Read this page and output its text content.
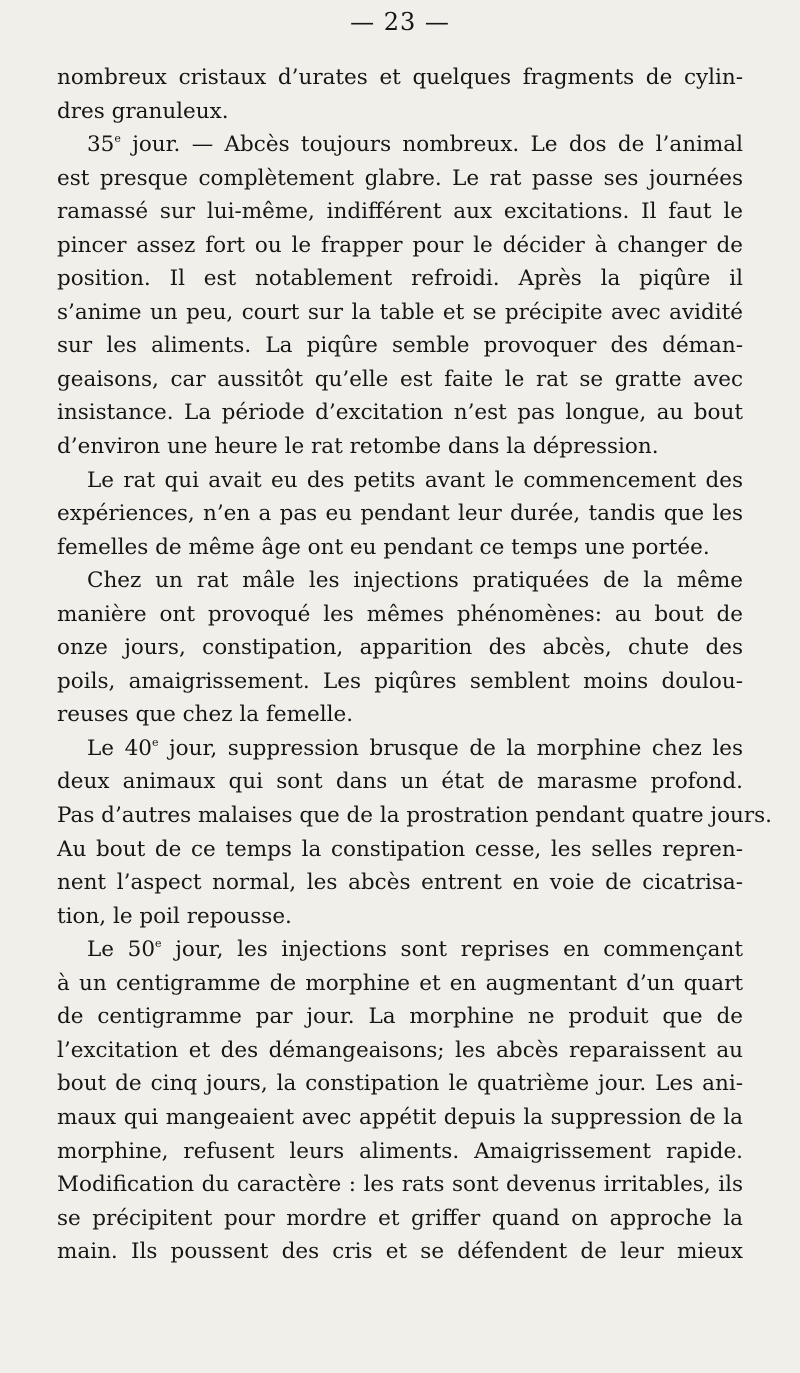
— 23 —
nombreux cristaux d’urates et quelques fragments de cylin-
dres granuleux.
35e jour. — Abcès toujours nombreux. Le dos de l’animal
est presque complètement glabre. Le rat passe ses journées
ramassé sur lui-même, indifférent aux excitations. Il faut le
pincer assez fort ou le frapper pour le décider à changer de
position. Il est notablement refroidi. Après la piqûre il
s’anime un peu, court sur la table et se précipite avec avidité
sur les aliments. La piqûre semble provoquer des déman-
geaisons, car aussitôt qu’elle est faite le rat se gratte avec
insistance. La période d’excitation n’est pas longue, au bout
d’environ une heure le rat retombe dans la dépression.
Le rat qui avait eu des petits avant le commencement des
expériences, n’en a pas eu pendant leur durée, tandis que les
femelles de même âge ont eu pendant ce temps une portée.
Chez un rat mâle les injections pratiquées de la même
manière ont provoqué les mêmes phénomènes: au bout de
onze jours, constipation, apparition des abcès, chute des
poils, amaigrissement. Les piqûres semblent moins doulou-
reuses que chez la femelle.
Le 40e jour, suppression brusque de la morphine chez les
deux animaux qui sont dans un état de marasme profond.
Pas d’autres malaises que de la prostration pendant quatre jours.
Au bout de ce temps la constipation cesse, les selles repren-
nent l’aspect normal, les abcès entrent en voie de cicatrisa-
tion, le poil repousse.
Le 50e jour, les injections sont reprises en commençant
à un centigramme de morphine et en augmentant d’un quart
de centigramme par jour. La morphine ne produit que de
l’excitation et des démangeaisons; les abcès reparaissent au
bout de cinq jours, la constipation le quatrième jour. Les ani-
maux qui mangeaient avec appétit depuis la suppression de la
morphine, refusent leurs aliments. Amaigrissement rapide.
Modification du caractère : les rats sont devenus irritables, ils
se précipitent pour mordre et griffer quand on approche la
main. Ils poussent des cris et se défendent de leur mieux
